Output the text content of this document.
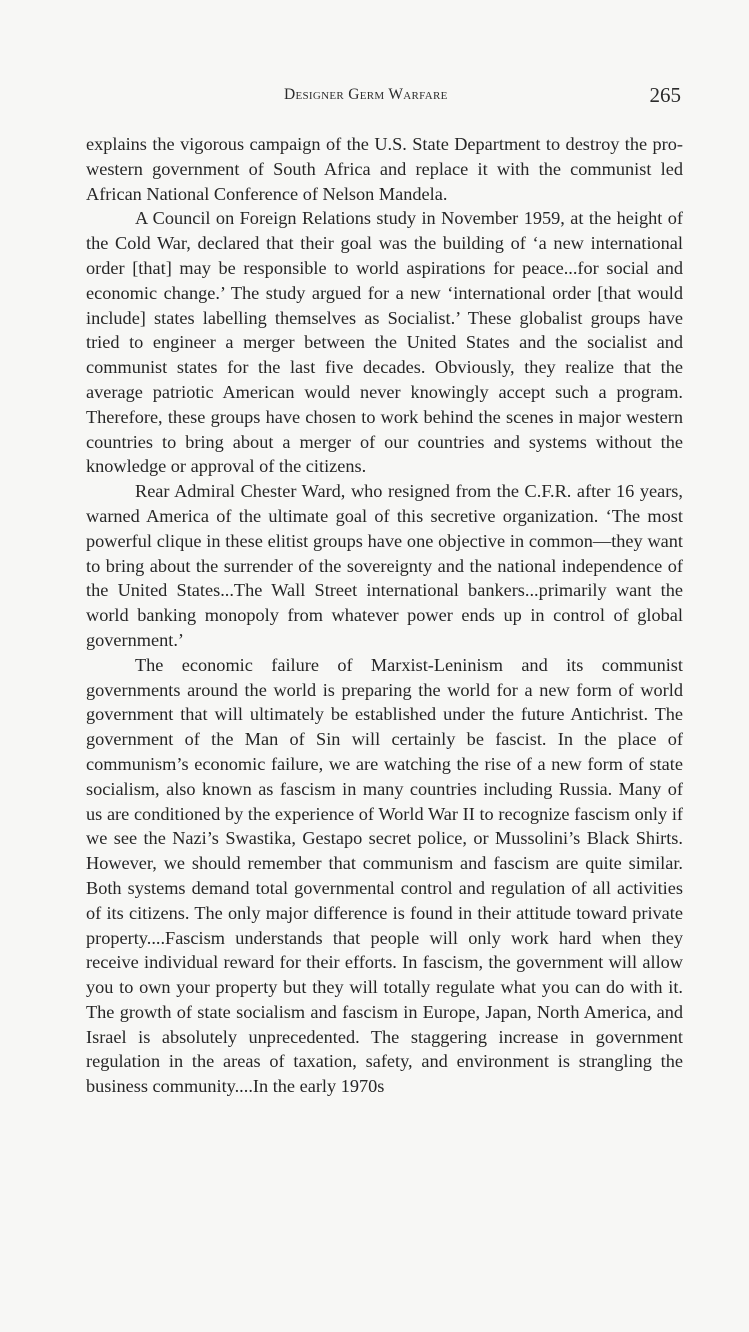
Designer Germ Warfare	265

explains the vigorous campaign of the U.S. State Department to destroy the pro-western government of South Africa and replace it with the communist led African National Conference of Nelson Mandela.

A Council on Foreign Relations study in November 1959, at the height of the Cold War, declared that their goal was the building of ‘a new international order [that] may be responsible to world aspirations for peace...for social and economic change.’ The study argued for a new ‘international order [that would include] states labelling themselves as Socialist.’ These globalist groups have tried to engineer a merger between the United States and the socialist and communist states for the last five decades. Obviously, they realize that the average patriotic American would never knowingly accept such a program. Therefore, these groups have chosen to work behind the scenes in major western countries to bring about a merger of our countries and systems without the knowledge or approval of the citizens.

Rear Admiral Chester Ward, who resigned from the C.F.R. after 16 years, warned America of the ultimate goal of this secretive organization. ‘The most powerful clique in these elitist groups have one objective in common—they want to bring about the surrender of the sovereignty and the national independence of the United States...The Wall Street international bankers...primarily want the world banking monopoly from whatever power ends up in control of global government.’

The economic failure of Marxist-Leninism and its communist governments around the world is preparing the world for a new form of world government that will ultimately be established under the future Antichrist. The government of the Man of Sin will certainly be fascist. In the place of communism’s economic failure, we are watching the rise of a new form of state socialism, also known as fascism in many countries including Russia. Many of us are conditioned by the experience of World War II to recognize fascism only if we see the Nazi’s Swastika, Gestapo secret police, or Mussolini’s Black Shirts. However, we should remember that communism and fascism are quite similar. Both systems demand total governmental control and regulation of all activities of its citizens. The only major difference is found in their attitude toward private property....Fascism understands that people will only work hard when they receive individual reward for their efforts. In fascism, the government will allow you to own your property but they will totally regulate what you can do with it. The growth of state socialism and fascism in Europe, Japan, North America, and Israel is absolutely unprecedented. The staggering increase in government regulation in the areas of taxation, safety, and environment is strangling the business community....In the early 1970s
